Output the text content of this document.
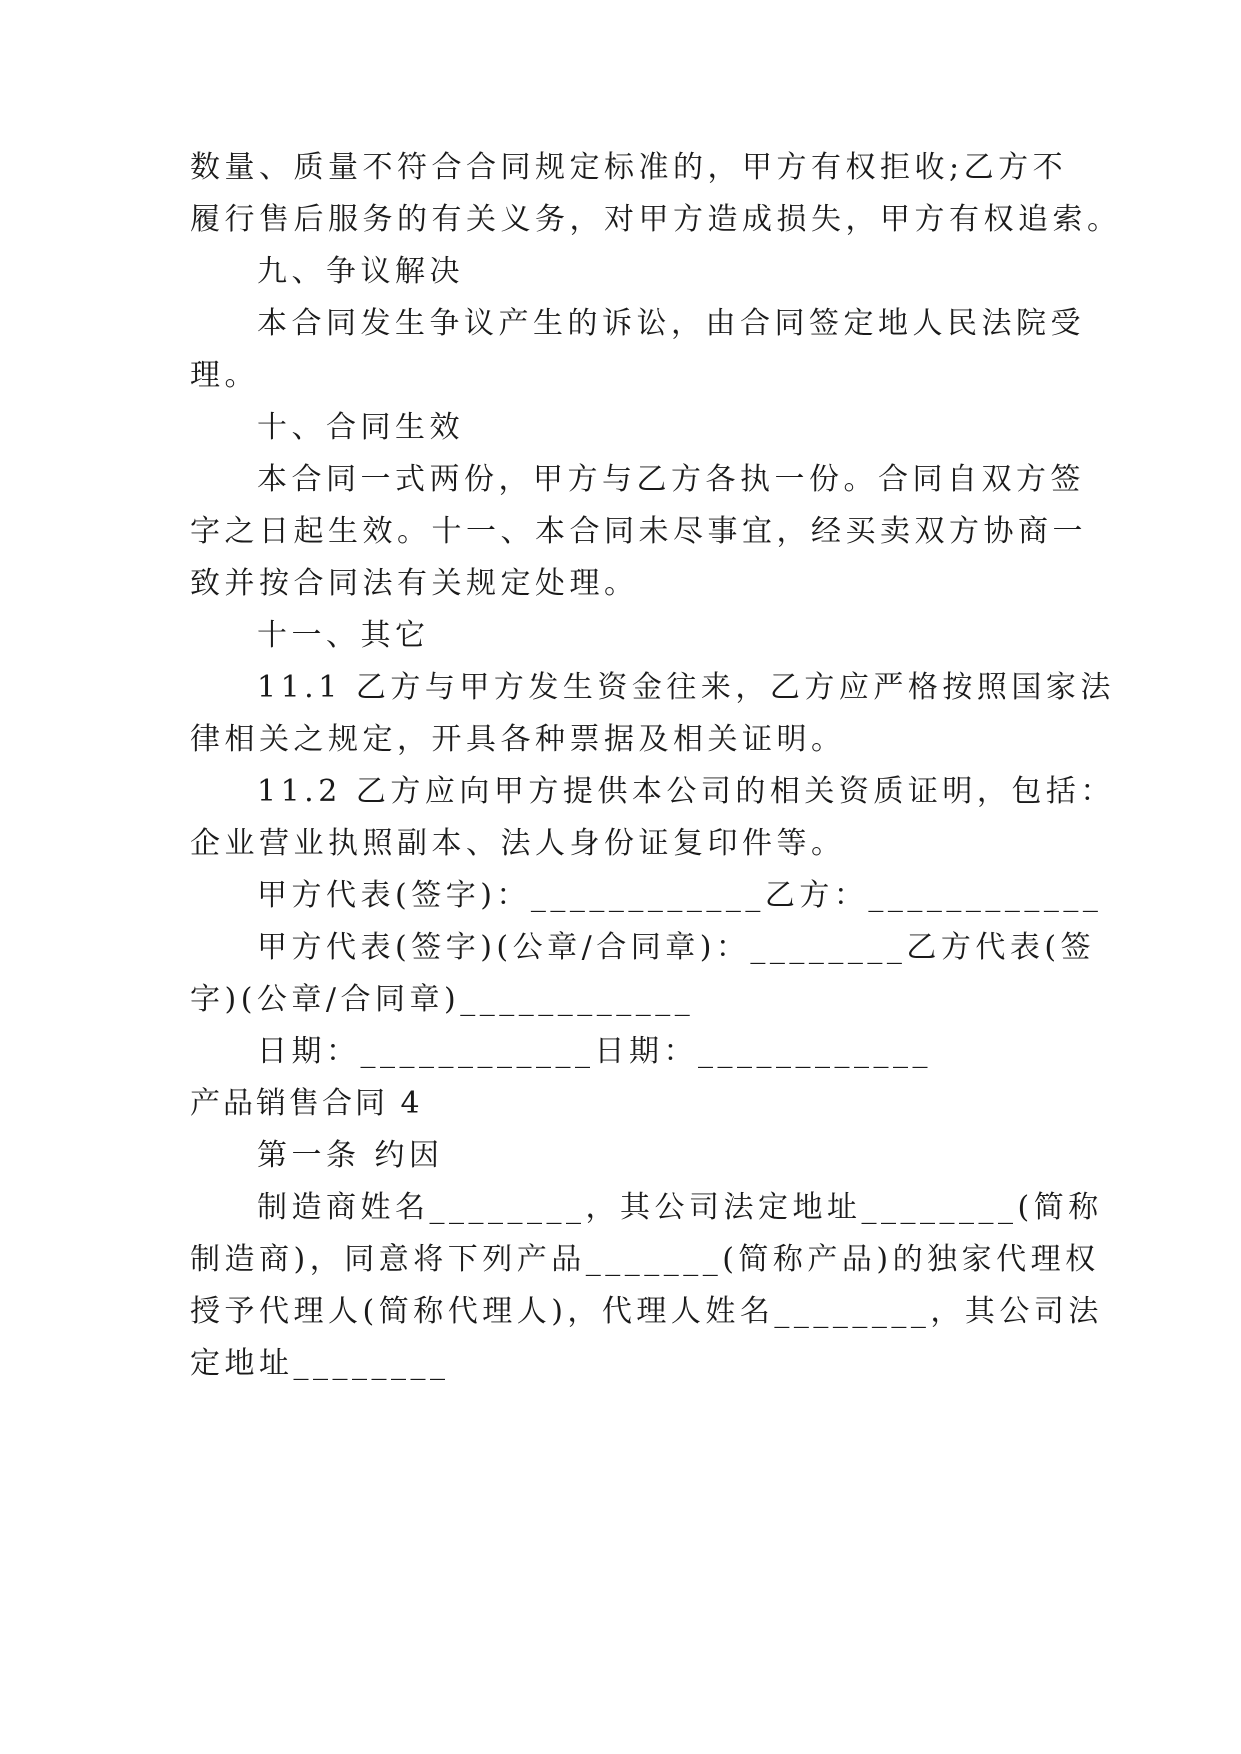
数量、质量不符合合同规定标准的，甲方有权拒收;乙方不
履行售后服务的有关义务，对甲方造成损失，甲方有权追索。
九、争议解决
本合同发生争议产生的诉讼，由合同签定地人民法院受
理。
十、合同生效
本合同一式两份，甲方与乙方各执一份。合同自双方签
字之日起生效。十一、本合同未尽事宜，经买卖双方协商一
致并按合同法有关规定处理。
十一、其它
11.1 乙方与甲方发生资金往来，乙方应严格按照国家法
律相关之规定，开具各种票据及相关证明。
11.2 乙方应向甲方提供本公司的相关资质证明，包括：
企业营业执照副本、法人身份证复印件等。
甲方代表(签字)：____________乙方：____________
甲方代表(签字)(公章/合同章)：________乙方代表(签
字)(公章/合同章)____________
日期：____________日期：____________
产品销售合同 4
第一条 约因
制造商姓名________，其公司法定地址________(简称
制造商)，同意将下列产品_______(简称产品)的独家代理权
授予代理人(简称代理人)，代理人姓名________，其公司法
定地址________
